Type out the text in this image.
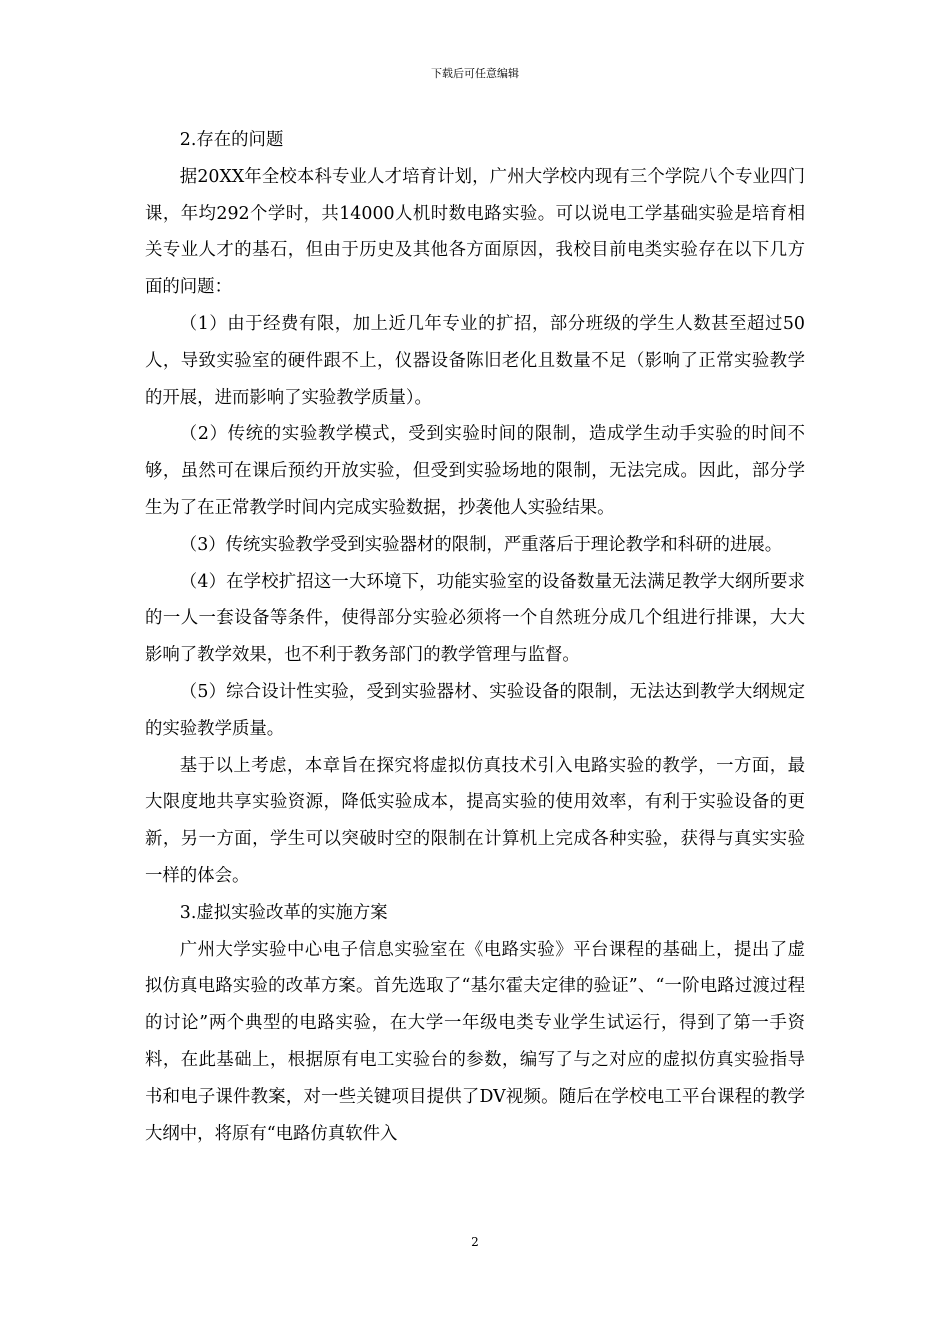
下载后可任意编辑

2.存在的问题

据20XX年全校本科专业人才培育计划，广州大学校内现有三个学院八个专业四门课，年均292个学时，共14000人机时数电路实验。可以说电工学基础实验是培育相关专业人才的基石，但由于历史及其他各方面原因，我校目前电类实验存在以下几方面的问题：

（1）由于经费有限，加上近几年专业的扩招，部分班级的学生人数甚至超过50人，导致实验室的硬件跟不上，仪器设备陈旧老化且数量不足（影响了正常实验教学的开展，进而影响了实验教学质量）。

（2）传统的实验教学模式，受到实验时间的限制，造成学生动手实验的时间不够，虽然可在课后预约开放实验，但受到实验场地的限制，无法完成。因此，部分学生为了在正常教学时间内完成实验数据，抄袭他人实验结果。

（3）传统实验教学受到实验器材的限制，严重落后于理论教学和科研的进展。

（4）在学校扩招这一大环境下，功能实验室的设备数量无法满足教学大纲所要求的一人一套设备等条件，使得部分实验必须将一个自然班分成几个组进行排课，大大影响了教学效果，也不利于教务部门的教学管理与监督。

（5）综合设计性实验，受到实验器材、实验设备的限制，无法达到教学大纲规定的实验教学质量。

基于以上考虑，本章旨在探究将虚拟仿真技术引入电路实验的教学，一方面，最大限度地共享实验资源，降低实验成本，提高实验的使用效率，有利于实验设备的更新，另一方面，学生可以突破时空的限制在计算机上完成各种实验，获得与真实实验一样的体会。

3.虚拟实验改革的实施方案

广州大学实验中心电子信息实验室在《电路实验》平台课程的基础上，提出了虚拟仿真电路实验的改革方案。首先选取了“基尔霍夫定律的验证”、“一阶电路过渡过程的讨论”两个典型的电路实验，在大学一年级电类专业学生试运行，得到了第一手资料，在此基础上，根据原有电工实验台的参数，编写了与之对应的虚拟仿真实验指导书和电子课件教案，对一些关键项目提供了DV视频。随后在学校电工平台课程的教学大纲中，将原有“电路仿真软件入

2
